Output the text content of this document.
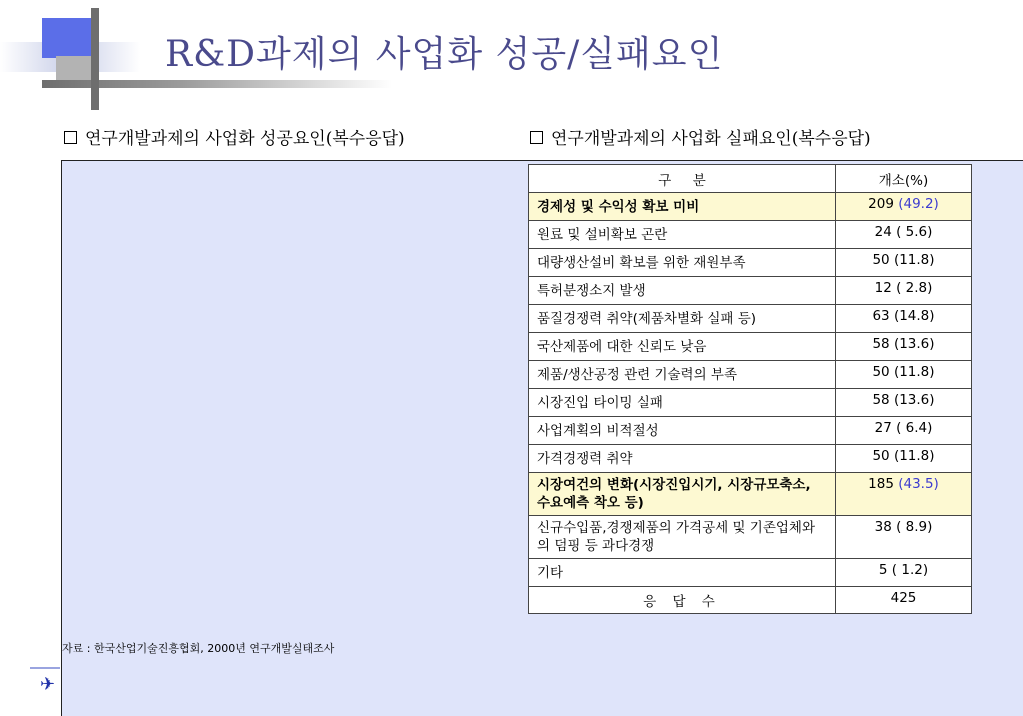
R&D과제의 사업화 성공/실패요인
연구개발과제의 사업화 성공요인(복수응답)	연구개발과제의 사업화 실패요인(복수응답)
구     분	개소(%)
경제성 및 수익성 확보 미비	209 (49.2)
원료 및 설비확보 곤란	24 ( 5.6)
대량생산설비 확보를 위한 재원부족	50 (11.8)
특허분쟁소지 발생	12 ( 2.8)
품질경쟁력 취약(제품차별화 실패 등)	63 (14.8)
국산제품에 대한 신뢰도 낮음	58 (13.6)
제품/생산공정 관련 기술력의 부족	50 (11.8)
시장진입 타이밍 실패	58 (13.6)
사업계획의 비적절성	27 ( 6.4)
가격경쟁력 취약	50 (11.8)
시장여건의 변화(시장진입시기, 시장규모축소, 수요예측 착오 등)	185 (43.5)
신규수입품,경쟁제품의 가격공세 및 기존업체와의 덤핑 등 과다경쟁	38 ( 8.9)
기타	5 ( 1.2)
응 답 수	425
자료 : 한국산업기술진흥협회, 2000년 연구개발실태조사
✈
